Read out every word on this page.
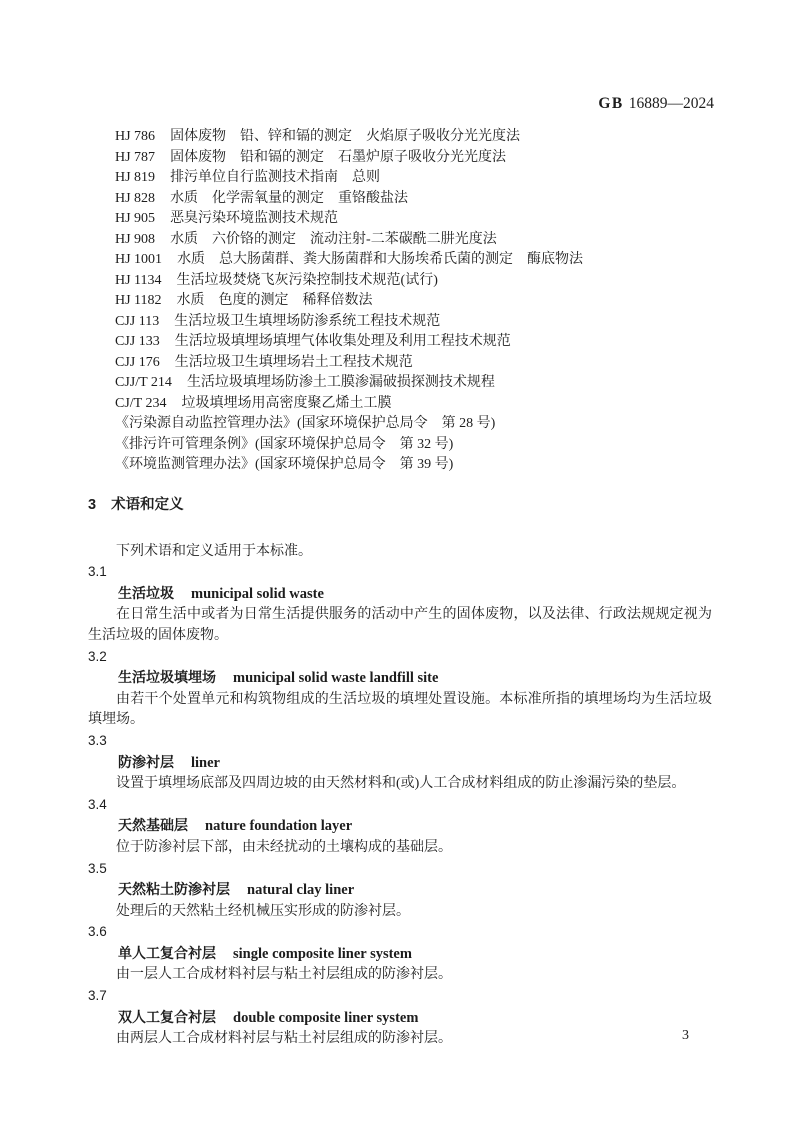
GB 16889—2024
HJ 786 固体废物　铅、锌和镉的测定　火焰原子吸收分光光度法
HJ 787 固体废物　铅和镉的测定　石墨炉原子吸收分光光度法
HJ 819 排污单位自行监测技术指南　总则
HJ 828 水质　化学需氧量的测定　重铬酸盐法
HJ 905 恶臭污染环境监测技术规范
HJ 908 水质　六价铬的测定　流动注射-二苯碳酰二肼光度法
HJ 1001 水质　总大肠菌群、粪大肠菌群和大肠埃希氏菌的测定　酶底物法
HJ 1134 生活垃圾焚烧飞灰污染控制技术规范(试行)
HJ 1182 水质　色度的测定　稀释倍数法
CJJ 113 生活垃圾卫生填埋场防渗系统工程技术规范
CJJ 133 生活垃圾填埋场填埋气体收集处理及利用工程技术规范
CJJ 176 生活垃圾卫生填埋场岩土工程技术规范
CJJ/T 214 生活垃圾填埋场防渗土工膜渗漏破损探测技术规程
CJ/T 234 垃圾填埋场用高密度聚乙烯土工膜
《污染源自动监控管理办法》(国家环境保护总局令　第 28 号)
《排污许可管理条例》(国家环境保护总局令　第 32 号)
《环境监测管理办法》(国家环境保护总局令　第 39 号)
3 术语和定义

下列术语和定义适用于本标准。

3.1
生活垃圾 municipal solid waste

在日常生活中或者为日常生活提供服务的活动中产生的固体废物，以及法律、行政法规规定视为生活垃圾的固体废物。

3.2
生活垃圾填埋场 municipal solid waste landfill site

由若干个处置单元和构筑物组成的生活垃圾的填埋处置设施。本标准所指的填埋场均为生活垃圾填埋场。

3.3
防渗衬层 liner

设置于填埋场底部及四周边坡的由天然材料和(或)人工合成材料组成的防止渗漏污染的垫层。

3.4
天然基础层 nature foundation layer

位于防渗衬层下部，由未经扰动的土壤构成的基础层。

3.5
天然粘土防渗衬层 natural clay liner

处理后的天然粘土经机械压实形成的防渗衬层。

3.6
单人工复合衬层 single composite liner system

由一层人工合成材料衬层与粘土衬层组成的防渗衬层。

3.7
双人工复合衬层 double composite liner system

由两层人工合成材料衬层与粘土衬层组成的防渗衬层。	3
